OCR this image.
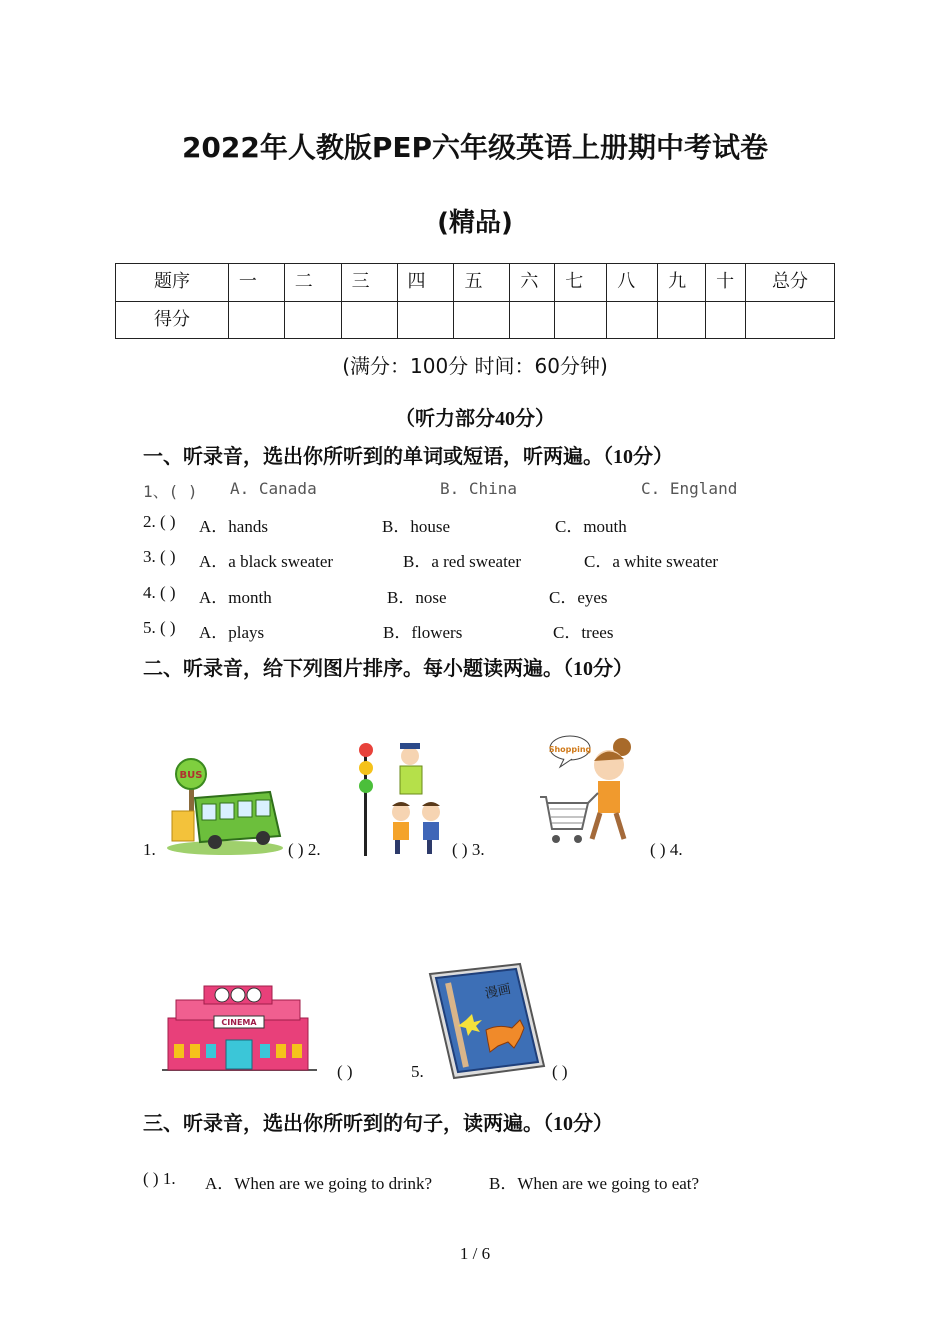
2022年人教版PEP六年级英语上册期中考试卷
(精品)
题序	一	二	三	四	五	六	七	八	九	十	总分

得分											

(满分：100分 时间：60分钟)
（听力部分40分）
一、听录音，选出你所听到的单词或短语，听两遍。（10分）
1、( ) A. Canada	B. China	C. England
2. ( ) A．hands	B．house	C．mouth
3. ( ) A．a black sweater	B．a red sweater	C．a white sweater
4. ( ) A．month	B．nose	C．eyes
5. ( ) A．plays	B．flowers	C．trees
二、听录音，给下列图片排序。每小题读两遍。（10分）
BUS
1.	( ) 2.	( ) 3.
Shopping
( ) 4.
CINEMA
( )	5.
漫画
( )
三、听录音，选出你所听到的句子，读两遍。（10分）
( ) 1. A．When are we going to drink?	B．When are we going to eat?
1 / 6
